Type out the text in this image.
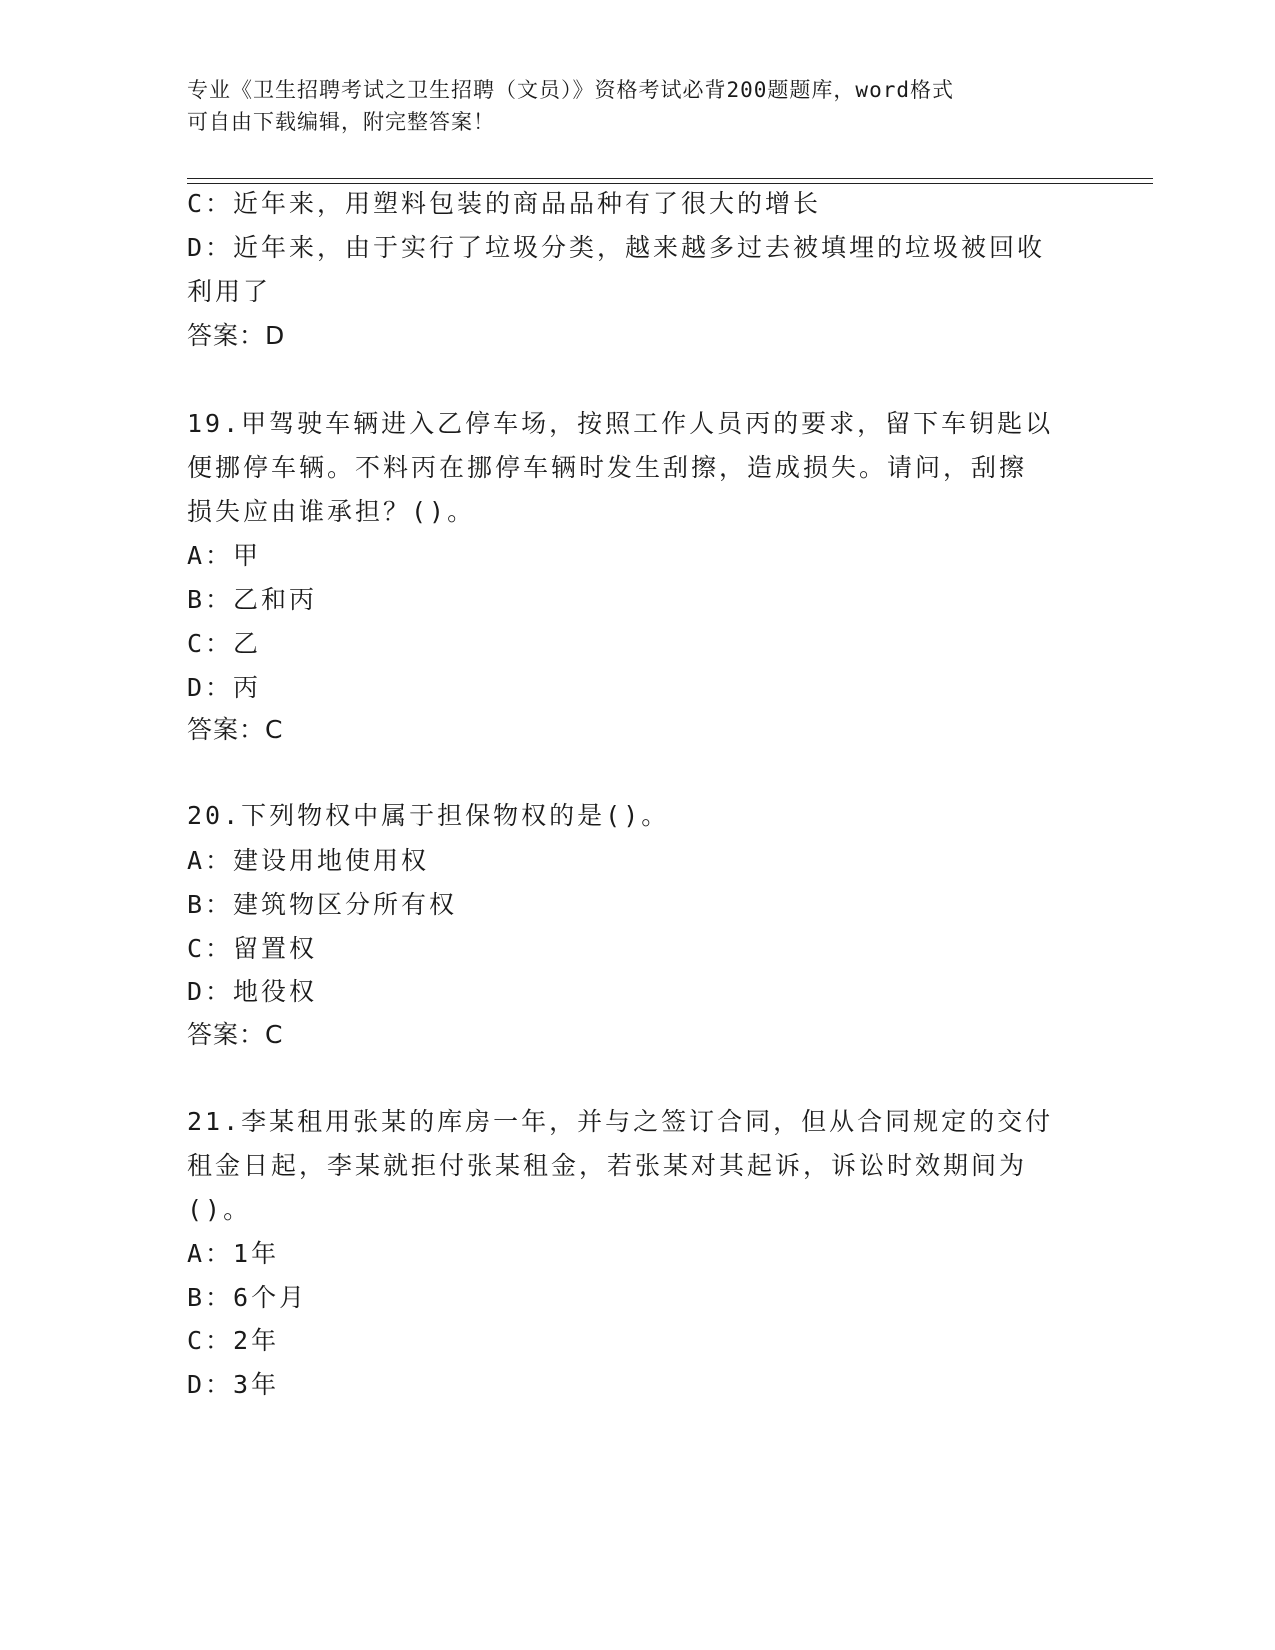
专业《卫生招聘考试之卫生招聘（文员）》资格考试必背200题题库，word格式
可自由下载编辑，附完整答案！
C：近年来，用塑料包装的商品品种有了很大的增长
D：近年来，由于实行了垃圾分类，越来越多过去被填埋的垃圾被回收
利用了
答案：D
19.甲驾驶车辆进入乙停车场，按照工作人员丙的要求，留下车钥匙以
便挪停车辆。不料丙在挪停车辆时发生刮擦，造成损失。请问，刮擦
损失应由谁承担？()。
A：甲
B：乙和丙
C：乙
D：丙
答案：C
20.下列物权中属于担保物权的是()。
A：建设用地使用权
B：建筑物区分所有权
C：留置权
D：地役权
答案：C
21.李某租用张某的库房一年，并与之签订合同，但从合同规定的交付
租金日起，李某就拒付张某租金，若张某对其起诉，诉讼时效期间为
()。
A：1年
B：6个月
C：2年
D：3年
